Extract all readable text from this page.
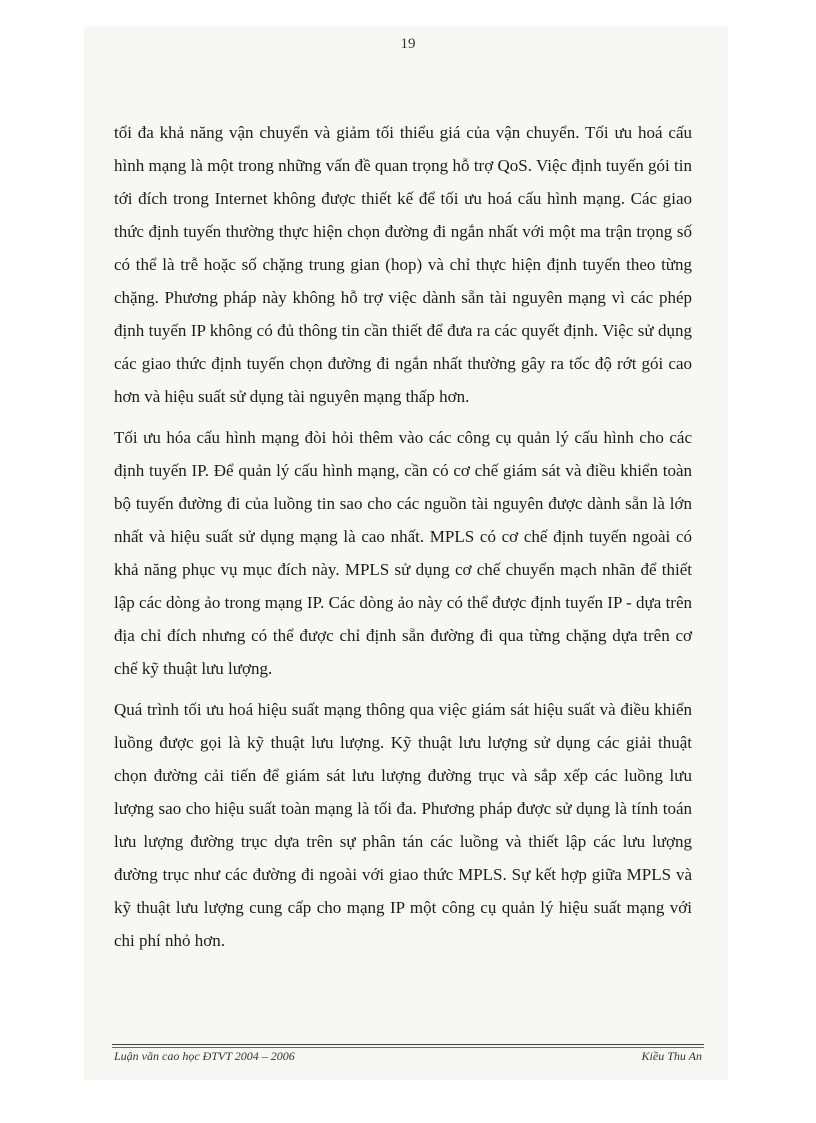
19

tối đa khả năng vận chuyển và giảm tối thiểu giá của vận chuyển. Tối ưu hoá cấu hình mạng là một trong những vấn đề quan trọng hỗ trợ QoS. Việc định tuyến gói tin tới đích trong Internet không được thiết kế để tối ưu hoá cấu hình mạng. Các giao thức định tuyến thường thực hiện chọn đường đi ngắn nhất với một ma trận trọng số có thể là trễ hoặc số chặng trung gian (hop) và chỉ thực hiện định tuyến theo từng chặng. Phương pháp này không hỗ trợ việc dành sẵn tài nguyên mạng vì các phép định tuyến IP không có đủ thông tin cần thiết để đưa ra các quyết định. Việc sử dụng các giao thức định tuyến chọn đường đi ngắn nhất thường gây ra tốc độ rớt gói cao hơn và hiệu suất sử dụng tài nguyên mạng thấp hơn.

Tối ưu hóa cấu hình mạng đòi hỏi thêm vào các công cụ quản lý cấu hình cho các định tuyến IP. Để quản lý cấu hình mạng, cần có cơ chế giám sát và điều khiển toàn bộ tuyến đường đi của luồng tin sao cho các nguồn tài nguyên được dành sẵn là lớn nhất và hiệu suất sử dụng mạng là cao nhất. MPLS có cơ chế định tuyến ngoài có khả năng phục vụ mục đích này. MPLS sử dụng cơ chế chuyển mạch nhãn để thiết lập các dòng ảo trong mạng IP. Các dòng ảo này có thể được định tuyến IP - dựa trên địa chỉ đích nhưng có thể được chỉ định sẵn đường đi qua từng chặng dựa trên cơ chế kỹ thuật lưu lượng.

Quá trình tối ưu hoá hiệu suất mạng thông qua việc giám sát hiệu suất và điều khiển luồng được gọi là kỹ thuật lưu lượng. Kỹ thuật lưu lượng sử dụng các giải thuật chọn đường cải tiến để giám sát lưu lượng đường trục và sắp xếp các luồng lưu lượng sao cho hiệu suất toàn mạng là tối đa. Phương pháp được sử dụng là tính toán lưu lượng đường trục dựa trên sự phân tán các luồng và thiết lập các lưu lượng đường trục như các đường đi ngoài với giao thức MPLS. Sự kết hợp giữa MPLS và kỹ thuật lưu lượng cung cấp cho mạng IP một công cụ quản lý hiệu suất mạng với chi phí nhỏ hơn.

Luận văn cao học ĐTVT 2004 – 2006	Kiều Thu An
